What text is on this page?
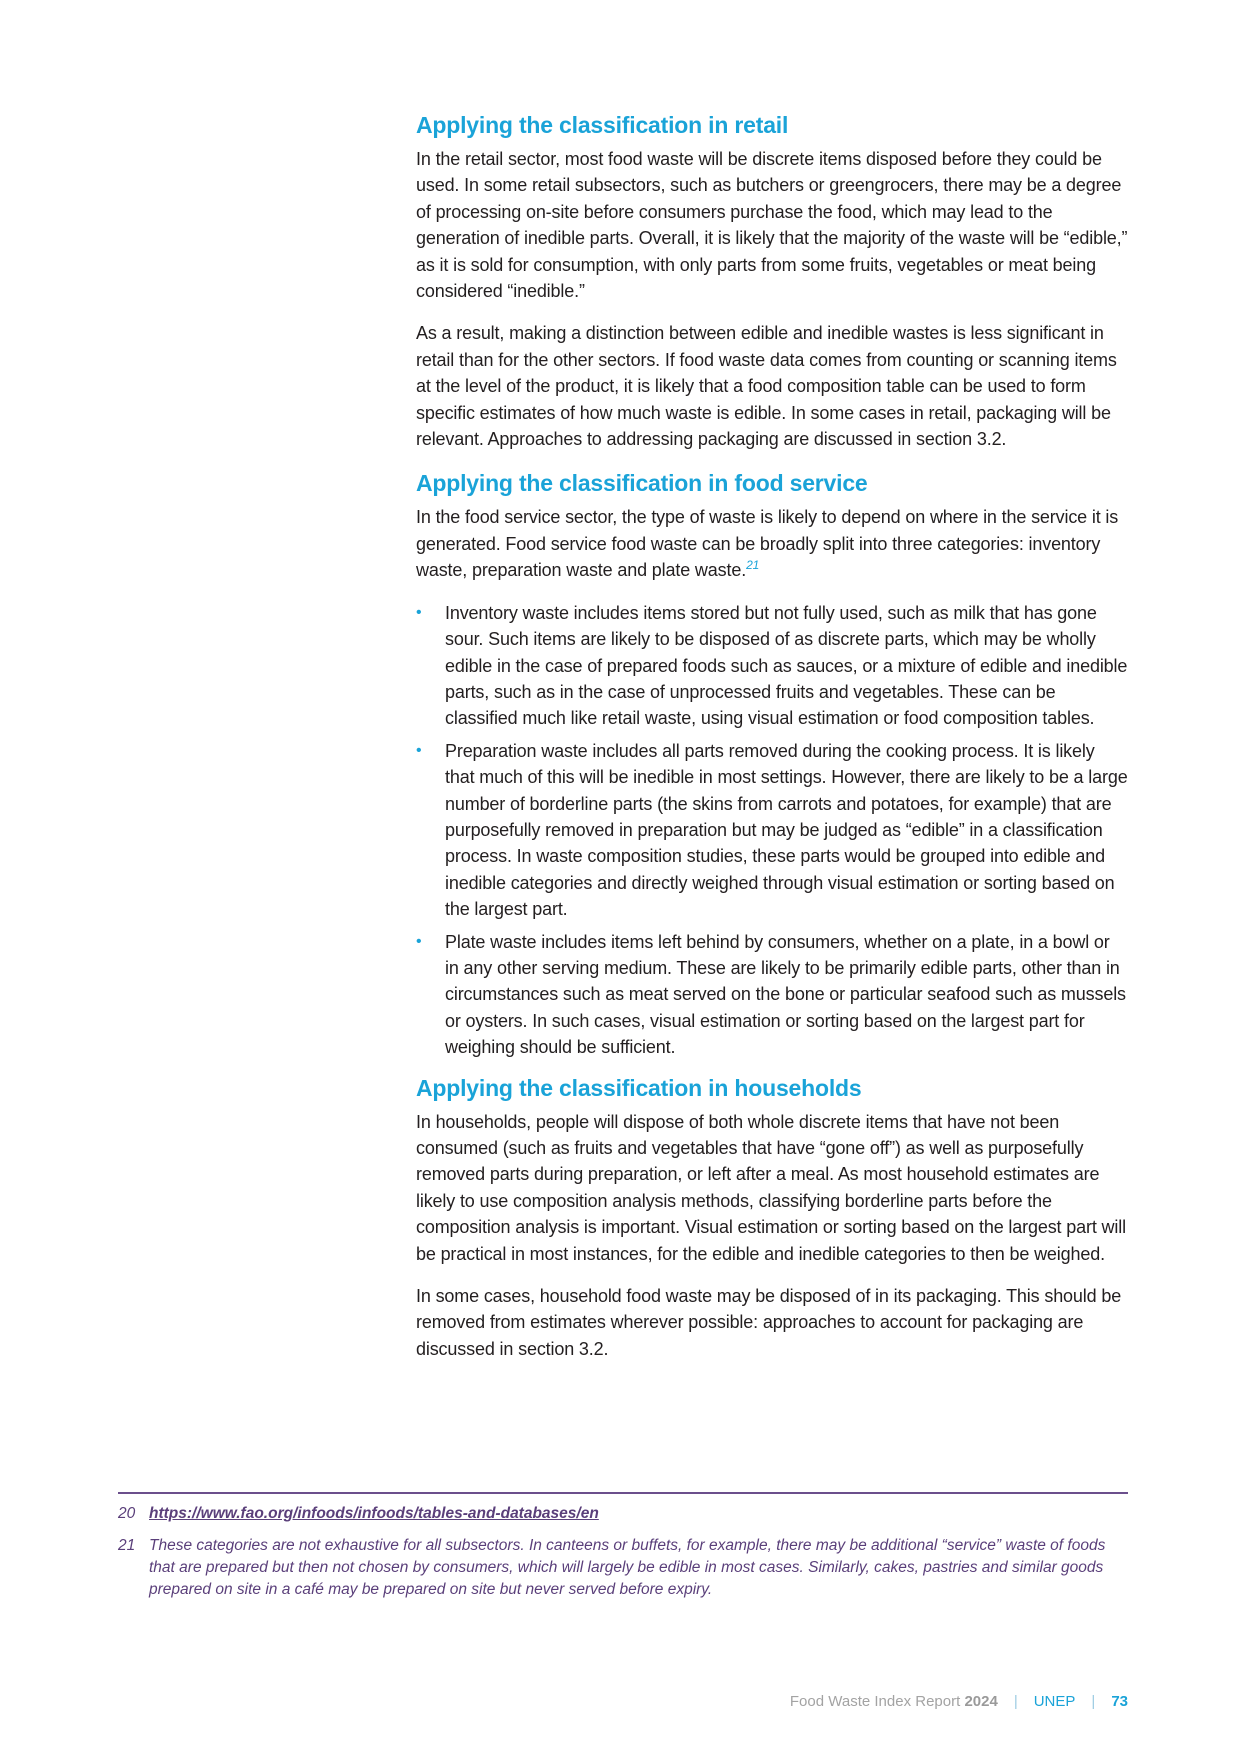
Applying the classification in retail

In the retail sector, most food waste will be discrete items disposed before they could be used. In some retail subsectors, such as butchers or greengrocers, there may be a degree of processing on-site before consumers purchase the food, which may lead to the generation of inedible parts. Overall, it is likely that the majority of the waste will be “edible,” as it is sold for consumption, with only parts from some fruits, vegetables or meat being considered “inedible.”

As a result, making a distinction between edible and inedible wastes is less significant in retail than for the other sectors. If food waste data comes from counting or scanning items at the level of the product, it is likely that a food composition table can be used to form specific estimates of how much waste is edible. In some cases in retail, packaging will be relevant. Approaches to addressing packaging are discussed in section 3.2.

Applying the classification in food service

In the food service sector, the type of waste is likely to depend on where in the service it is generated. Food service food waste can be broadly split into three categories: inventory waste, preparation waste and plate waste.$^{21}$

• Inventory waste includes items stored but not fully used, such as milk that has gone sour. Such items are likely to be disposed of as discrete parts, which may be wholly edible in the case of prepared foods such as sauces, or a mixture of edible and inedible parts, such as in the case of unprocessed fruits and vegetables. These can be classified much like retail waste, using visual estimation or food composition tables.
• Preparation waste includes all parts removed during the cooking process. It is likely that much of this will be inedible in most settings. However, there are likely to be a large number of borderline parts (the skins from carrots and potatoes, for example) that are purposefully removed in preparation but may be judged as “edible” in a classification process. In waste composition studies, these parts would be grouped into edible and inedible categories and directly weighed through visual estimation or sorting based on the largest part.
• Plate waste includes items left behind by consumers, whether on a plate, in a bowl or in any other serving medium. These are likely to be primarily edible parts, other than in circumstances such as meat served on the bone or particular seafood such as mussels or oysters. In such cases, visual estimation or sorting based on the largest part for weighing should be sufficient.
Applying the classification in households

In households, people will dispose of both whole discrete items that have not been consumed (such as fruits and vegetables that have “gone off”) as well as purposefully removed parts during preparation, or left after a meal. As most household estimates are likely to use composition analysis methods, classifying borderline parts before the composition analysis is important. Visual estimation or sorting based on the largest part will be practical in most instances, for the edible and inedible categories to then be weighed.

In some cases, household food waste may be disposed of in its packaging. This should be removed from estimates wherever possible: approaches to account for packaging are discussed in section 3.2.

20 https://www.fao.org/infoods/infoods/tables-and-databases/en
21 These categories are not exhaustive for all subsectors. In canteens or buffets, for example, there may be additional “service” waste of foods that are prepared but then not chosen by consumers, which will largely be edible in most cases. Similarly, cakes, pastries and similar goods prepared on site in a café may be prepared on site but never served before expiry.
Food Waste Index Report 2024 | UNEP | 73
